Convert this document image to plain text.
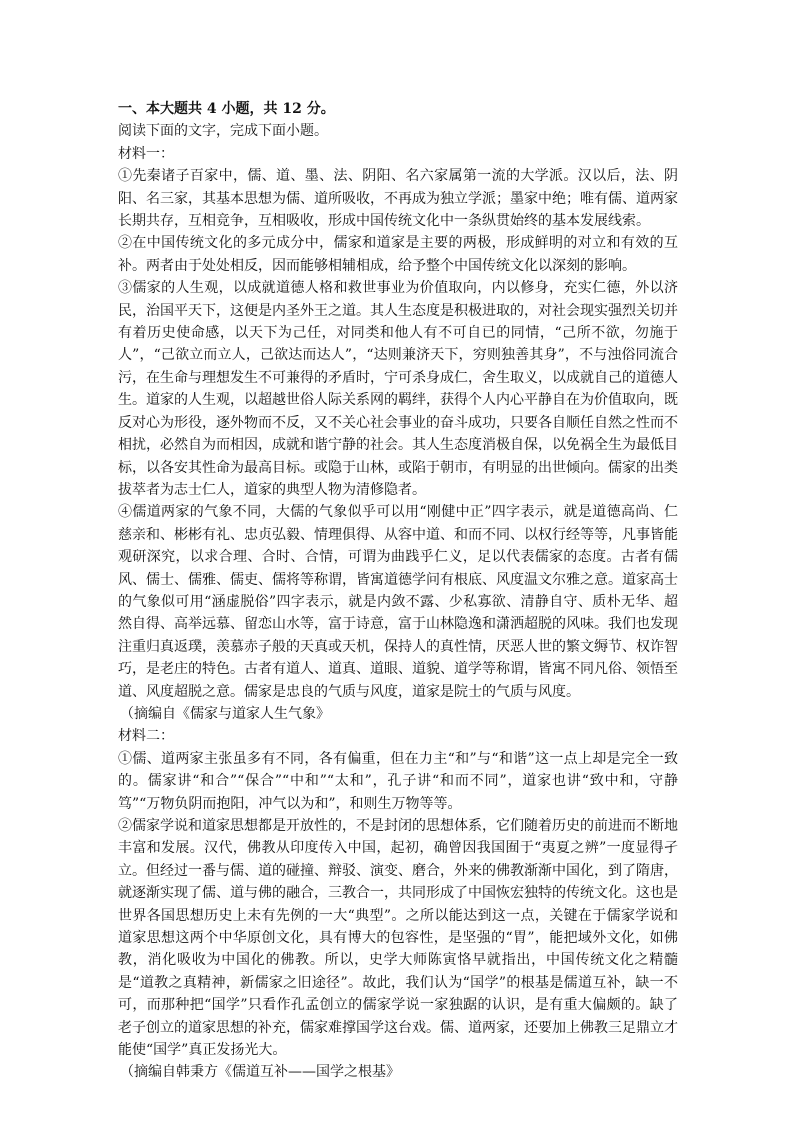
一、本大题共 4 小题，共 12 分。

阅读下面的文字，完成下面小题。

材料一：

①先秦诸子百家中，儒、道、墨、法、阴阳、名六家属第一流的大学派。汉以后，法、阴阳、名三家，其基本思想为儒、道所吸收，不再成为独立学派；墨家中绝；唯有儒、道两家长期共存，互相竞争，互相吸收，形成中国传统文化中一条纵贯始终的基本发展线索。

②在中国传统文化的多元成分中，儒家和道家是主要的两极，形成鲜明的对立和有效的互补。两者由于处处相反，因而能够相辅相成，给予整个中国传统文化以深刻的影响。

③儒家的人生观，以成就道德人格和救世事业为价值取向，内以修身，充实仁德，外以济民，治国平天下，这便是内圣外王之道。其人生态度是积极进取的，对社会现实强烈关切并有着历史使命感，以天下为己任，对同类和他人有不可自已的同情，“己所不欲，勿施于人”，“己欲立而立人，己欲达而达人”，“达则兼济天下，穷则独善其身”，不与浊俗同流合污，在生命与理想发生不可兼得的矛盾时，宁可杀身成仁，舍生取义，以成就自己的道德人生。道家的人生观，以超越世俗人际关系网的羁绊，获得个人内心平静自在为价值取向，既反对心为形役，逐外物而不反，又不关心社会事业的奋斗成功，只要各自顺任自然之性而不相扰，必然自为而相因，成就和谐宁静的社会。其人生态度消极自保，以免祸全生为最低目标，以各安其性命为最高目标。或隐于山林，或陷于朝市，有明显的出世倾向。儒家的出类拔萃者为志士仁人，道家的典型人物为清修隐者。

④儒道两家的气象不同，大儒的气象似乎可以用“刚健中正”四字表示，就是道德高尚、仁慈亲和、彬彬有礼、忠贞弘毅、情理俱得、从容中道、和而不同、以权行经等等，凡事皆能观研深究，以求合理、合时、合情，可谓为曲践乎仁义，足以代表儒家的态度。古者有儒风、儒士、儒雅、儒吏、儒将等称谓，皆寓道德学问有根底、风度温文尔雅之意。道家高士的气象似可用“涵虚脱俗”四字表示，就是内敛不露、少私寡欲、清静自守、质朴无华、超然自得、高举远慕、留恋山水等，富于诗意，富于山林隐逸和潇洒超脱的风味。我们也发现注重归真返璞，羡慕赤子般的天真或天机，保持人的真性情，厌恶人世的繁文缛节、权诈智巧，是老庄的特色。古者有道人、道真、道眼、道貌、道学等称谓，皆寓不同凡俗、领悟至道、风度超脱之意。儒家是忠良的气质与风度，道家是院士的气质与风度。

（摘编自《儒家与道家人生气象》

材料二：

①儒、道两家主张虽多有不同，各有偏重，但在力主“和”与“和谐”这一点上却是完全一致的。儒家讲“和合”“保合”“中和”“太和”，孔子讲“和而不同”，道家也讲“致中和，守静笃”“万物负阴而抱阳，冲气以为和”，和则生万物等等。

②儒家学说和道家思想都是开放性的，不是封闭的思想体系，它们随着历史的前进而不断地丰富和发展。汉代，佛教从印度传入中国，起初，确曾因我国囿于“夷夏之辨”一度显得孑立。但经过一番与儒、道的碰撞、辩驳、演变、磨合，外来的佛教渐渐中国化，到了隋唐，就逐渐实现了儒、道与佛的融合，三教合一，共同形成了中国恢宏独特的传统文化。这也是世界各国思想历史上未有先例的一大“典型”。之所以能达到这一点，关键在于儒家学说和道家思想这两个中华原创文化，具有博大的包容性，是坚强的“胃”，能把域外文化，如佛教，消化吸收为中国化的佛教。所以，史学大师陈寅恪早就指出，中国传统文化之精髓是“道教之真精神，新儒家之旧途径”。故此，我们认为“国学”的根基是儒道互补，缺一不可，而那种把“国学”只看作孔孟创立的儒家学说一家独踞的认识，是有重大偏颇的。缺了老子创立的道家思想的补充，儒家难撑国学这台戏。儒、道两家，还要加上佛教三足鼎立才能使“国学”真正发扬光大。

（摘编自韩秉方《儒道互补——国学之根基》
